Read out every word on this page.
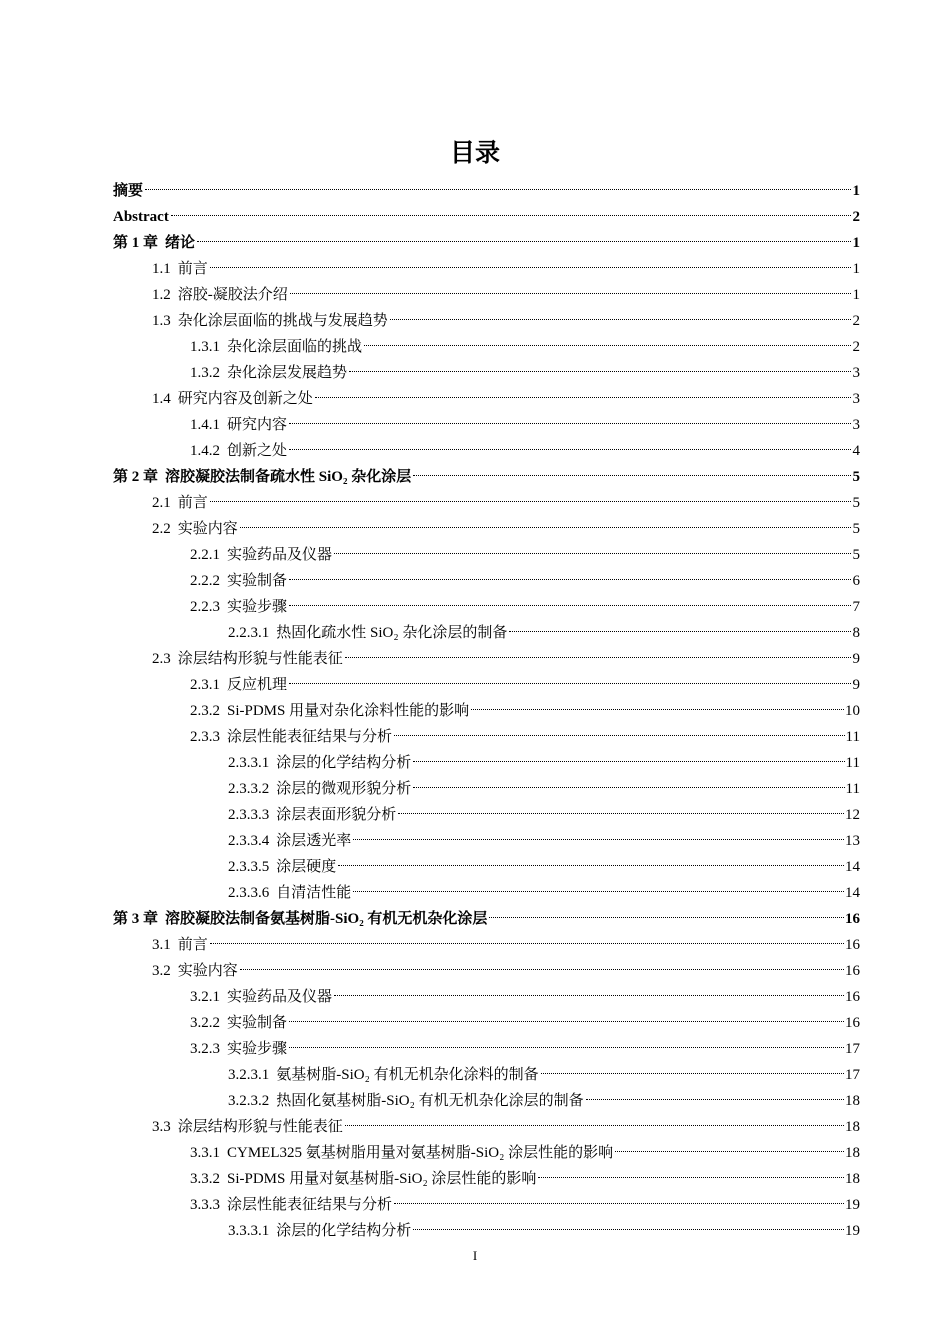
目录
摘要	1
Abstract	2
第 1 章 绪论	1
1.1 前言	1
1.2 溶胶-凝胶法介绍	1
1.3 杂化涂层面临的挑战与发展趋势	2
1.3.1 杂化涂层面临的挑战	2
1.3.2 杂化涂层发展趋势	3
1.4 研究内容及创新之处	3
1.4.1 研究内容	3
1.4.2 创新之处	4
第 2 章 溶胶凝胶法制备疏水性 SiO₂ 杂化涂层	5
2.1 前言	5
2.2 实验内容	5
2.2.1 实验药品及仪器	5
2.2.2 实验制备	6
2.2.3 实验步骤	7
2.2.3.1 热固化疏水性 SiO₂ 杂化涂层的制备	8
2.3 涂层结构形貌与性能表征	9
2.3.1 反应机理	9
2.3.2 Si-PDMS 用量对杂化涂料性能的影响	10
2.3.3 涂层性能表征结果与分析	11
2.3.3.1 涂层的化学结构分析	11
2.3.3.2 涂层的微观形貌分析	11
2.3.3.3 涂层表面形貌分析	12
2.3.3.4 涂层透光率	13
2.3.3.5 涂层硬度	14
2.3.3.6 自清洁性能	14
第 3 章 溶胶凝胶法制备氨基树脂-SiO₂ 有机无机杂化涂层	16
3.1 前言	16
3.2 实验内容	16
3.2.1 实验药品及仪器	16
3.2.2 实验制备	16
3.2.3 实验步骤	17
3.2.3.1 氨基树脂-SiO₂ 有机无机杂化涂料的制备	17
3.2.3.2 热固化氨基树脂-SiO₂ 有机无机杂化涂层的制备	18
3.3 涂层结构形貌与性能表征	18
3.3.1 CYMEL325 氨基树脂用量对氨基树脂-SiO₂ 涂层性能的影响	18
3.3.2 Si-PDMS 用量对氨基树脂-SiO₂ 涂层性能的影响	18
3.3.3 涂层性能表征结果与分析	19
3.3.3.1 涂层的化学结构分析	19
I
